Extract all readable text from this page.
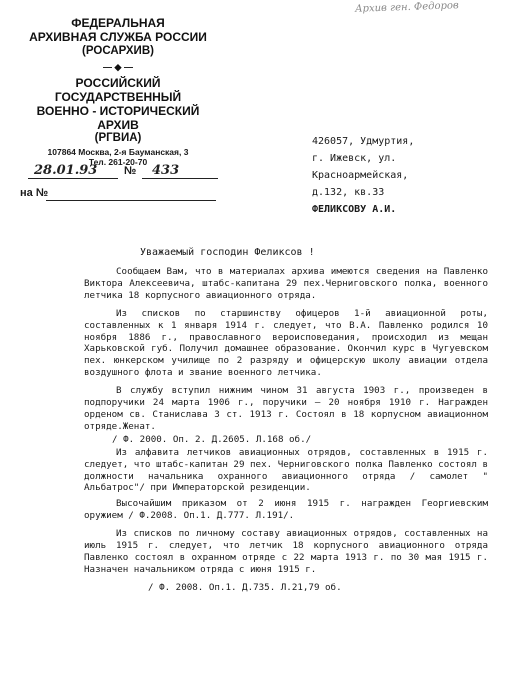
Архив ген. Федоров
ФЕДЕРАЛЬНАЯ
АРХИВНАЯ СЛУЖБА РОССИИ
(РОСАРХИВ)
— ◆ —
РОССИЙСКИЙ ГОСУДАРСТВЕННЫЙ
ВОЕННО - ИСТОРИЧЕСКИЙ АРХИВ
(РГВИА)
107864 Москва, 2-я Бауманская, 3
Тел. 261-20-70
28.01.93 № 433
на №
426057, Удмуртия,
г. Ижевск, ул.
Красноармейская,
д.132, кв.33
ФЕЛИКСОВУ А.И.
Уважаемый господин Феликсов !

Сообщаем Вам, что в материалах архива имеются сведения на Павленко Виктора Алексеевича, штабс-капитана 29 пех.Черниговского полка, военного летчика 18 корпусного авиационного отряда.

Из списков по старшинству офицеров 1-й авиационной роты, составленных к 1 января 1914 г. следует, что В.А. Павленко родился 10 ноября 1886 г., православного вероисповедания, происходил из мещан Харьковской губ. Получил домашнее образование. Окончил курс в Чугуевском пех. юнкерском училище по 2 разряду и офицерскую школу авиации отдела воздушного флота и звание военного летчика.

В службу вступил нижним чином 31 августа 1903 г., произведен в подпоручики 24 марта 1906 г., поручики – 20 ноября 1910 г. Награжден орденом св. Станислава 3 ст. 1913 г. Состоял в 18 корпусном авиационном отряде.Женат.

/ Ф. 2000. Оп. 2. Д.2605. Л.168 об./

Из алфавита летчиков авиационных отрядов, составленных в 1915 г. следует, что штабс-капитан 29 пех. Черниговского полка Павленко состоял в должности начальника охранного авиационного отряда / самолет " Альбатрос"/ при Императорской резиденции.

Высочайшим приказом от 2 июня 1915 г. награжден Георгиевским оружием / Ф.2008. Оп.1. Д.777. Л.191/.

Из списков по личному составу авиационных отрядов, составленных на июль 1915 г. следует, что летчик 18 корпусного авиационного отряда Павленко состоял в охранном отряде с 22 марта 1913 г. по 30 мая 1915 г. Назначен начальником отряда с июня 1915 г.

/ Ф. 2008. Оп.1. Д.735. Л.21,79 об.
